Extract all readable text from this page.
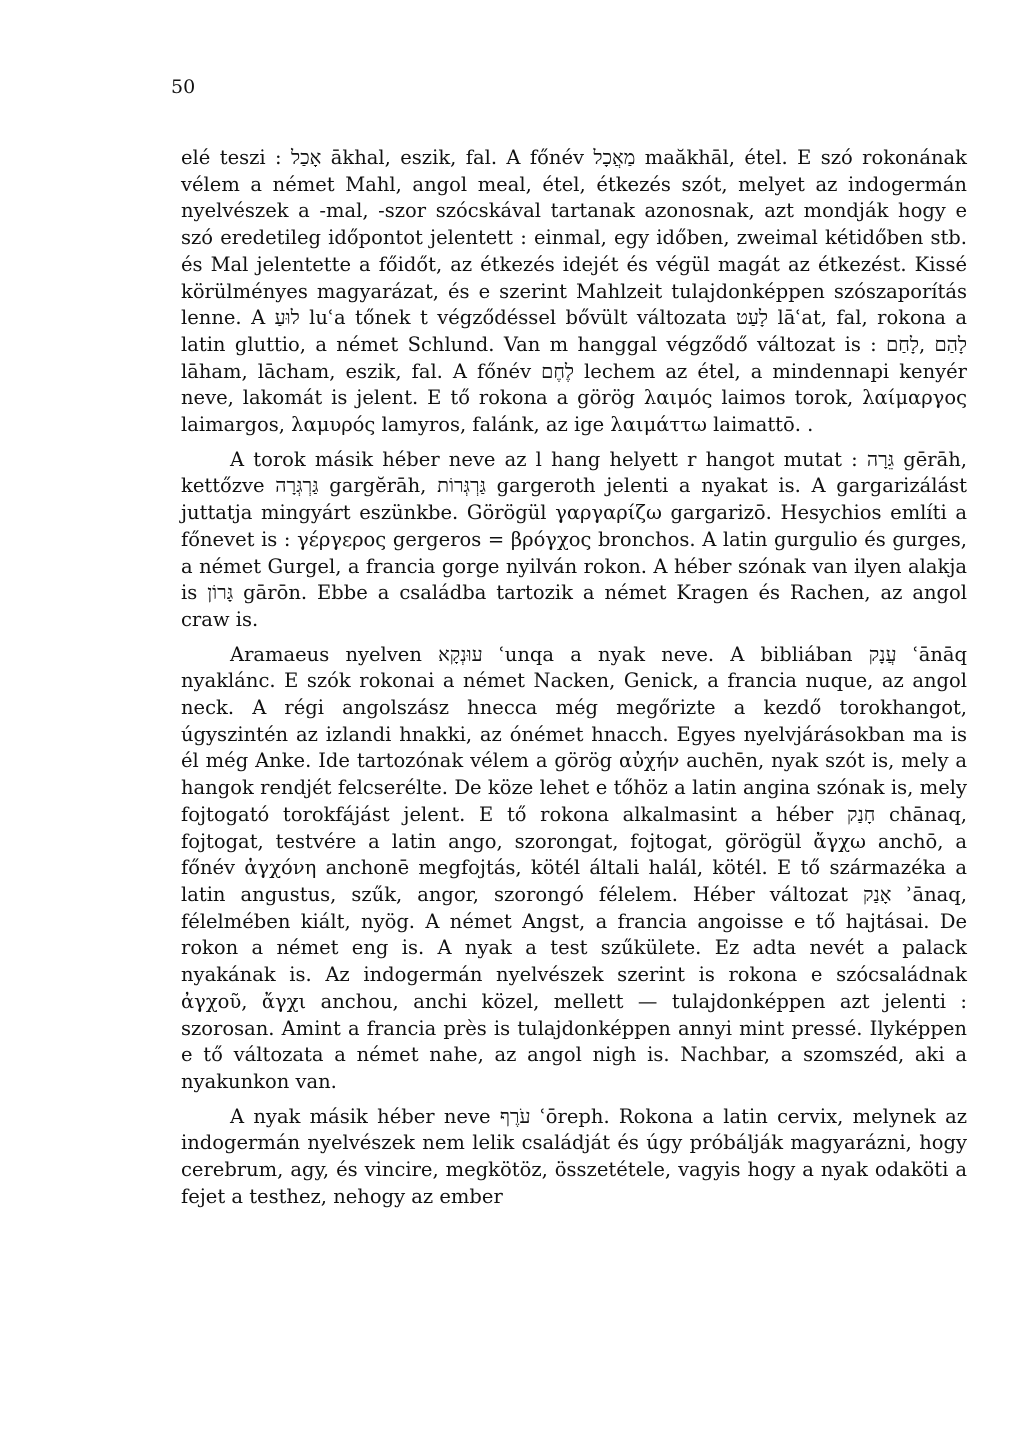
50

elé teszi : אָכַל ākhal, eszik, fal. A főnév מַאֲכָל maăkhāl, étel. E szó rokonának vélem a német Mahl, angol meal, étel, étkezés szót, melyet az indogermán nyelvészek a -mal, -szor szócskával tartanak azonosnak, azt mondják hogy e szó eredetileg időpontot jelentett : einmal, egy időben, zweimal kétidőben stb. és Mal jelentette a főidőt, az étkezés idejét és végül magát az étkezést. Kissé körülményes magyarázat, és e szerint Mahlzeit tulajdonképpen szószaporítás lenne. A לוּעַ luʿa tőnek t végződéssel bővült változata לָעַט lāʿat, fal, rokona a latin gluttio, a német Schlund. Van m hanggal végződő változat is : לָהַם ,לָחַם lāham, lācham, eszik, fal. A főnév לֶחֶם lechem az étel, a mindennapi kenyér neve, lakomát is jelent. E tő rokona a görög λαιμός laimos torok, λαίμαργος laimargos, λαμυρός lamyros, falánk, az ige λαιμάττω laimattō. .

A torok másik héber neve az l hang helyett r hangot mutat : גֵּרָה gērāh, kettőzve גַּרְגְּרָה gargĕrāh, גַּרְגְּרוֹת gargeroth jelenti a nyakat is. A gargarizálást juttatja mingyárt eszünkbe. Görögül γαργαρίζω gargarizō. Hesychios említi a főnevet is : γέργερος gergeros = βρόγχος bronchos. A latin gurgulio és gurges, a német Gurgel, a francia gorge nyilván rokon. A héber szónak van ilyen alakja is גָּרוֹן gārōn. Ebbe a családba tartozik a német Kragen és Rachen, az angol craw is.

Aramaeus nyelven עוּנְקָא ʿunqa a nyak neve. A bibliában עֲנָק ʿānāq nyaklánc. E szók rokonai a német Nacken, Genick, a francia nuque, az angol neck. A régi angolszász hnecca még megőrizte a kezdő torokhangot, úgyszintén az izlandi hnakki, az ónémet hnacch. Egyes nyelvjárásokban ma is él még Anke. Ide tartozónak vélem a görög αὐχήν auchēn, nyak szót is, mely a hangok rendjét felcserélte. De köze lehet e tőhöz a latin angina szónak is, mely fojtogató torokfájást jelent. E tő rokona alkalmasint a héber חָנַק chānaq, fojtogat, testvére a latin ango, szorongat, fojtogat, görögül ἄγχω anchō, a főnév ἀγχόνη anchonē megfojtás, kötél általi halál, kötél. E tő származéka a latin angustus, szűk, angor, szorongó félelem. Héber változat אָנַק ʾānaq, félelmében kiált, nyög. A német Angst, a francia angoisse e tő hajtásai. De rokon a német eng is. A nyak a test szűkülete. Ez adta nevét a palack nyakának is. Az indogermán nyelvészek szerint is rokona e szócsaládnak ἀγχοῦ, ἄγχι anchou, anchi közel, mellett — tulajdonképpen azt jelenti : szorosan. Amint a francia près is tulajdonképpen annyi mint pressé. Ilyképpen e tő változata a német nahe, az angol nigh is. Nachbar, a szomszéd, aki a nyakunkon van.

A nyak másik héber neve עֹרֶף ʿōreph. Rokona a latin cervix, melynek az indogermán nyelvészek nem lelik családját és úgy próbálják magyarázni, hogy cerebrum, agy, és vincire, megkötöz, összetétele, vagyis hogy a nyak odaköti a fejet a testhez, nehogy az ember
